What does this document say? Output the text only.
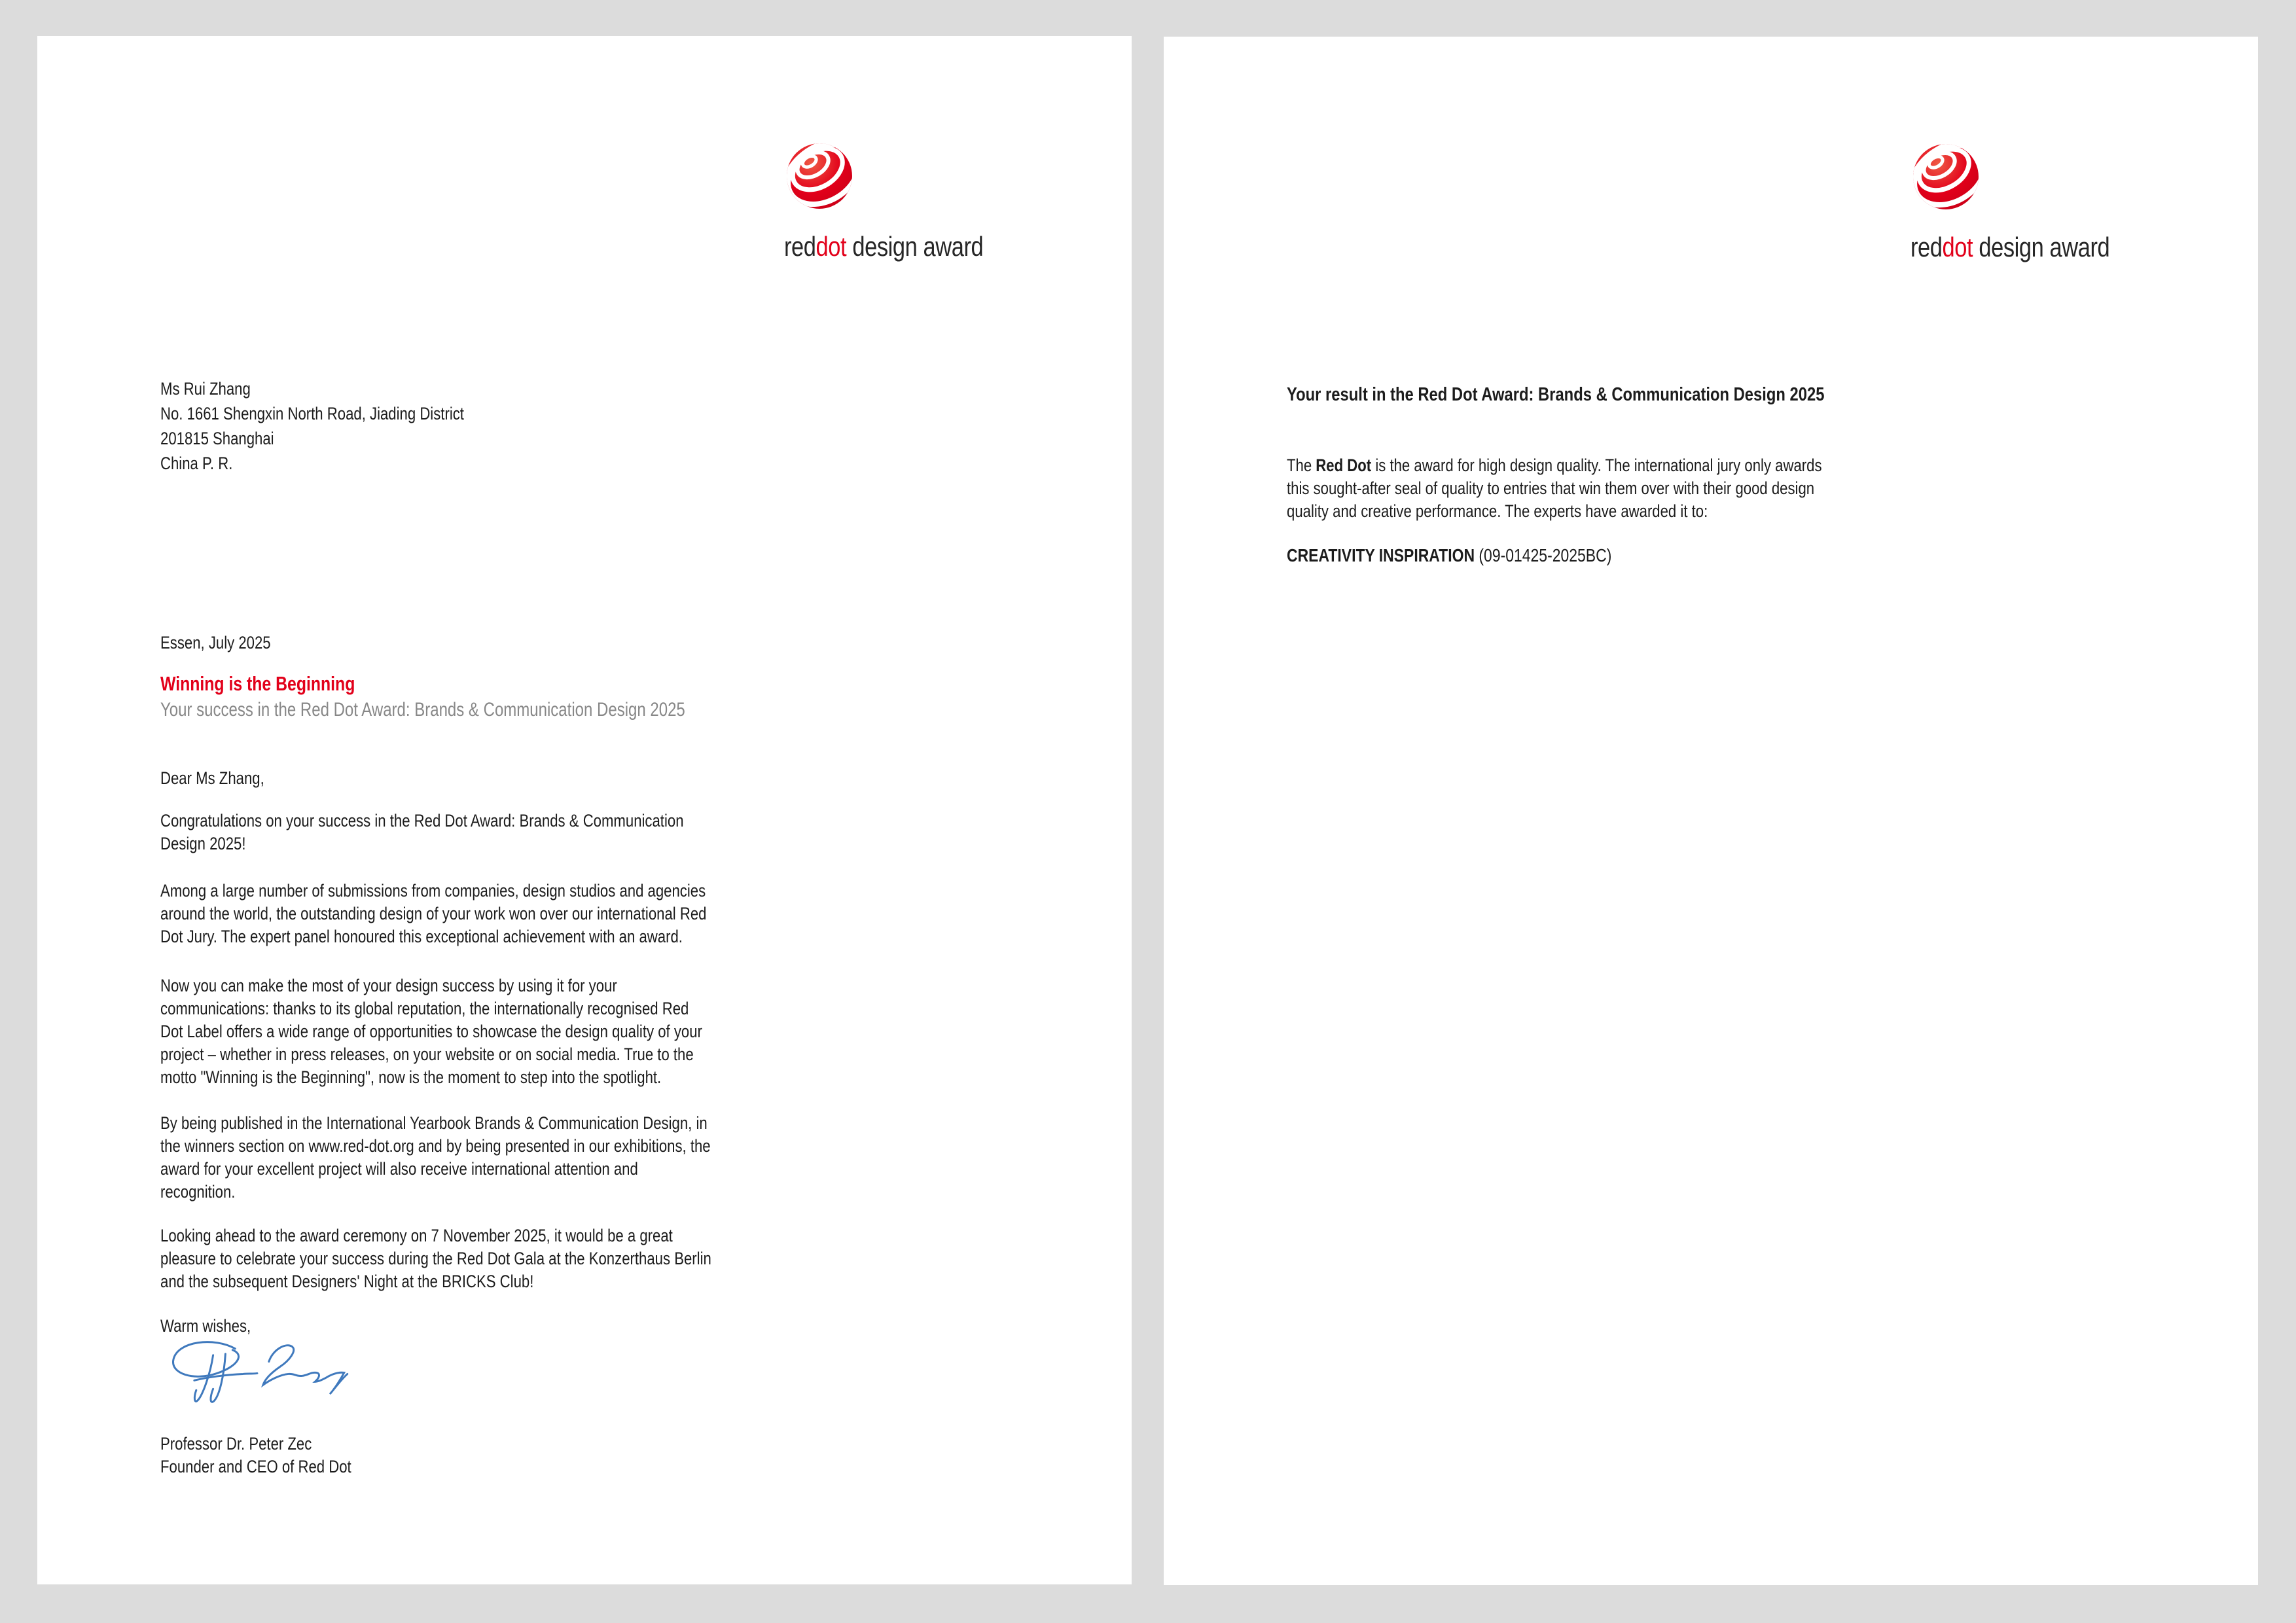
reddot design award
Ms Rui Zhang
No. 1661 Shengxin North Road, Jiading District
201815 Shanghai
China P. R.
Essen, July 2025
Winning is the Beginning
Your success in the Red Dot Award: Brands & Communication Design 2025
Dear Ms Zhang,
Congratulations on your success in the Red Dot Award: Brands & Communication
Design 2025!
Among a large number of submissions from companies, design studios and agencies
around the world, the outstanding design of your work won over our international Red
Dot Jury. The expert panel honoured this exceptional achievement with an award.
Now you can make the most of your design success by using it for your
communications: thanks to its global reputation, the internationally recognised Red
Dot Label offers a wide range of opportunities to showcase the design quality of your
project – whether in press releases, on your website or on social media. True to the
motto "Winning is the Beginning", now is the moment to step into the spotlight.
By being published in the International Yearbook Brands & Communication Design, in
the winners section on www.red-dot.org and by being presented in our exhibitions, the
award for your excellent project will also receive international attention and
recognition.
Looking ahead to the award ceremony on 7 November 2025, it would be a great
pleasure to celebrate your success during the Red Dot Gala at the Konzerthaus Berlin
and the subsequent Designers' Night at the BRICKS Club!
Warm wishes,
Professor Dr. Peter Zec
Founder and CEO of Red Dot
reddot design award
Your result in the Red Dot Award: Brands & Communication Design 2025
The Red Dot is the award for high design quality. The international jury only awards
this sought-after seal of quality to entries that win them over with their good design
quality and creative performance. The experts have awarded it to:
CREATIVITY INSPIRATION (09-01425-2025BC)
